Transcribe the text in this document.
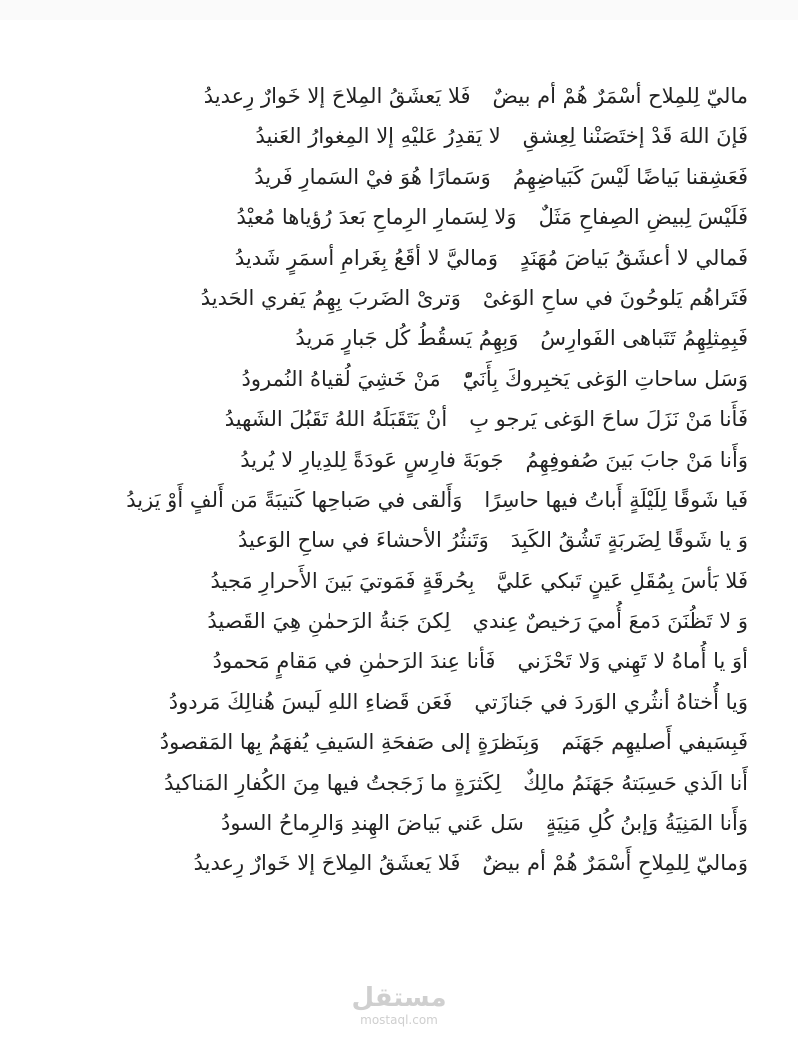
ماليّ لِلمِلاح أسْمَرٌ هُمْ أم بيضٌفَلا يَعشَقُ المِلاحَ إلا خَوارٌ رِعديدُ
فَإنَ اللهَ قَدْ إختَصَنْنا لِعِشقِلا يَقدِرُ عَليْهِ إلا المِغوارُ العَنيدُ
فَعَشِقنا بَياضًا لَيْسَ كَبَياضِهِمُوَسَمارًا هُوَ فيْ السَمارِ فَريدُ
فَلَيْسَ لِبيضِ الصِفاحِ مَثَلٌوَلا لِسَمارِ الرِماحِ بَعدَ رُؤياها مُعيْدُ
فَمالي لا أعشَقُ بَياضَ مُهَنَدٍوَماليَّ لا أقَعُ بِغَرامِ أسمَرٍ شَديدُ
فَتَراهُم يَلوحُونَ في ساحِ الوَغىْوَترىْ الضَربَ بِهِمُ يَفري الحَديدُ
فَبِمِثلِهِمُ تَتَباهى الفَوارِسُوَبِهِمُ يَسقُطُ كُل جَبارٍ مَريدُ
وَسَل ساحاتِ الوَغى يَخبِروكَ بِأَنَيّْمَنْ خَشِيَ لُقياهُ النُمرودُ
فَأَنا مَنْ نَزَلَ ساحَ الوَغى يَرجو بِأنْ يَتَقَبَلَهُ اللهُ تَقَبُلَ الشَهيدُ
وَأَنا مَنْ جابَ بَينَ صُفوفِهِمُجَوبَةَ فارِسٍ عَودَةً لِلدِيارِ لا يُريدُ
فَيا شَوقًا لِلَيْلَةٍ أَباتُ فيها حاسِرًاوَأَلقى في صَباحِها كَتيبَةً مَن أَلفٍ أَوْ يَزيدُ
وَ يا شَوقًا لِضَربَةٍ تَشُقُ الكَبِدَوَتَنثُرُ الأحشاءَ في ساحِ الوَعيدُ
فَلا بَأسَ بِمُقَلِ عَينٍ تَبكي عَليَّبِحُرقَةٍ فَمَوتيَ بَينَ الأَحرارِ مَجيدُ
وَ لا تَظُنَنَ دَمعَ أُميَ رَخيصٌ عِنديلِكنَ جَنةُ الرَحمٰنِ هِيَ القَصيدُ
أوَ يا أُماهُ لا تَهِني وَلا تَحْزَنيفَأنا عِندَ الرَحمٰنِ في مَقامٍ مَحمودُ
وَيا أُختاهُ أنثُري الوَردَ في جَنازَتيفَعَن قَضاءِ اللهِ لَيسَ هُنالِكَ مَردودُ
فَبِسَيفي أَصليهِم جَهَنَموَبِنَظرَةٍ إلى صَفحَةِ السَيفِ يُفهَمُ بِها المَقصودُ
أَنا الَذي حَسِبَتهُ جَهَنَمُ مالِكٌلِكَثرَةٍ ما زَجَجتُ فيها مِنَ الكُفارِ المَناكيدُ
وَأَنا المَنِيَةُ وَإبنُ كُلِ مَنِيَةٍسَل عَني بَياضَ الهِندِ وَالرِماحُ السودُ
وَماليّ لِلمِلاحِ أَسْمَرٌ هُمْ أم بيضٌفَلا يَعشَقُ المِلاحَ إلا خَوارٌ رِعديدُ
مستقل
mostaql.com
